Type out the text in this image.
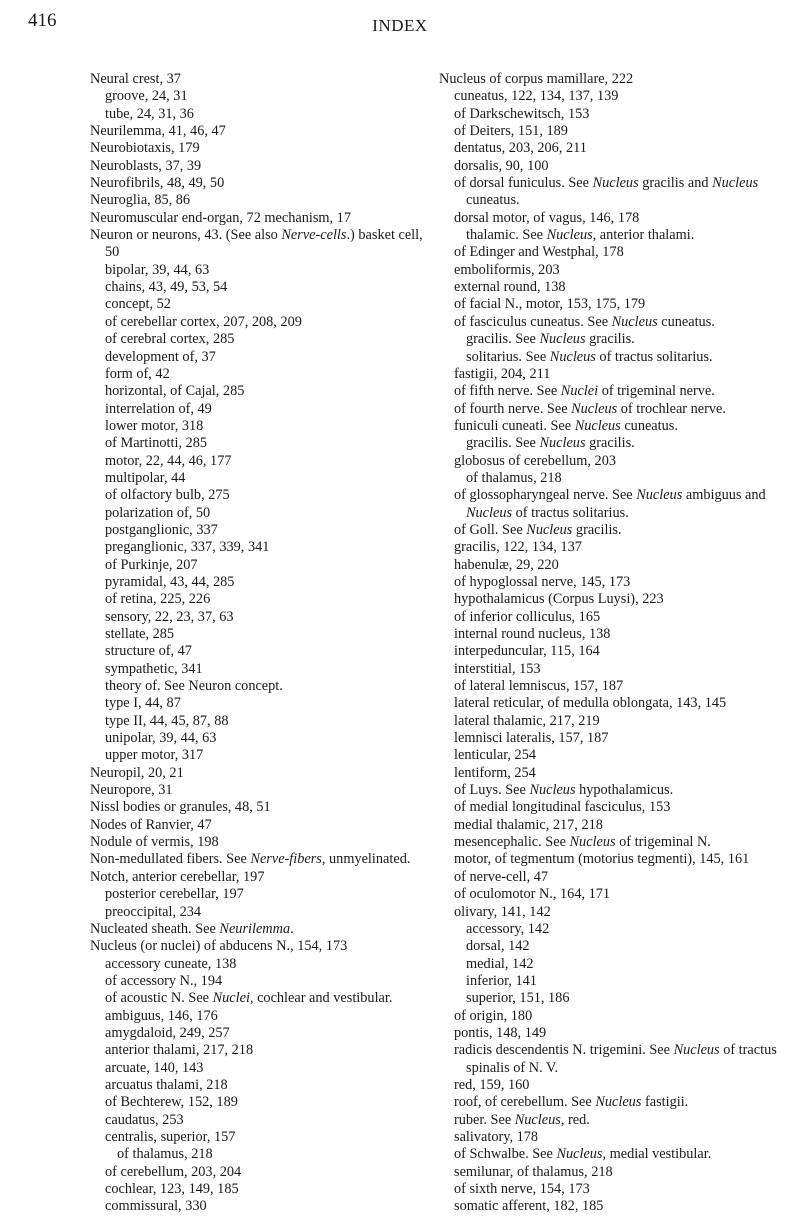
416	INDEX
Neural crest, 37
groove, 24, 31
tube, 24, 31, 36
Neurilemma, 41, 46, 47
Neurobiotaxis, 179
Neuroblasts, 37, 39
Neurofibrils, 48, 49, 50
Neuroglia, 85, 86
Neuromuscular end-organ, 72 mechanism, 17
Neuron or neurons, 43. (See also Nerve-cells.) basket cell, 50
bipolar, 39, 44, 63
chains, 43, 49, 53, 54
concept, 52
of cerebellar cortex, 207, 208, 209
of cerebral cortex, 285
development of, 37
form of, 42
horizontal, of Cajal, 285
interrelation of, 49
lower motor, 318
of Martinotti, 285
motor, 22, 44, 46, 177
multipolar, 44
of olfactory bulb, 275
polarization of, 50
postganglionic, 337
preganglionic, 337, 339, 341
of Purkinje, 207
pyramidal, 43, 44, 285
of retina, 225, 226
sensory, 22, 23, 37, 63
stellate, 285
structure of, 47
sympathetic, 341
theory of. See Neuron concept.
type I, 44, 87
type II, 44, 45, 87, 88
unipolar, 39, 44, 63
upper motor, 317
Neuropil, 20, 21
Neuropore, 31
Nissl bodies or granules, 48, 51
Nodes of Ranvier, 47
Nodule of vermis, 198
Non-medullated fibers. See Nerve-fibers, unmyelinated.
Notch, anterior cerebellar, 197
posterior cerebellar, 197
preoccipital, 234
Nucleated sheath. See Neurilemma.
Nucleus (or nuclei) of abducens N., 154, 173
accessory cuneate, 138
of accessory N., 194
of acoustic N. See Nuclei, cochlear and vestibular.
ambiguus, 146, 176
amygdaloid, 249, 257
anterior thalami, 217, 218
arcuate, 140, 143
arcuatus thalami, 218
of Bechterew, 152, 189
caudatus, 253
centralis, superior, 157
of thalamus, 218
of cerebellum, 203, 204
cochlear, 123, 149, 185
commissural, 330
Nucleus of corpus mamillare, 222
cuneatus, 122, 134, 137, 139
of Darkschewitsch, 153
of Deiters, 151, 189
dentatus, 203, 206, 211
dorsalis, 90, 100
of dorsal funiculus. See Nucleus gracilis and Nucleus cuneatus.
dorsal motor, of vagus, 146, 178
thalamic. See Nucleus, anterior thalami.
of Edinger and Westphal, 178
emboliformis, 203
external round, 138
of facial N., motor, 153, 175, 179
of fasciculus cuneatus. See Nucleus cuneatus.
gracilis. See Nucleus gracilis.
solitarius. See Nucleus of tractus solitarius.
fastigii, 204, 211
of fifth nerve. See Nuclei of trigeminal nerve.
of fourth nerve. See Nucleus of trochlear nerve.
funiculi cuneati. See Nucleus cuneatus.
gracilis. See Nucleus gracilis.
globosus of cerebellum, 203
of thalamus, 218
of glossopharyngeal nerve. See Nucleus ambiguus and Nucleus of tractus solitarius.
of Goll. See Nucleus gracilis.
gracilis, 122, 134, 137
habenulæ, 29, 220
of hypoglossal nerve, 145, 173
hypothalamicus (Corpus Luysi), 223
of inferior colliculus, 165
internal round nucleus, 138
interpeduncular, 115, 164
interstitial, 153
of lateral lemniscus, 157, 187
lateral reticular, of medulla oblongata, 143, 145
lateral thalamic, 217, 219
lemnisci lateralis, 157, 187
lenticular, 254
lentiform, 254
of Luys. See Nucleus hypothalamicus.
of medial longitudinal fasciculus, 153
medial thalamic, 217, 218
mesencephalic. See Nucleus of trigeminal N.
motor, of tegmentum (motorius tegmenti), 145, 161
of nerve-cell, 47
of oculomotor N., 164, 171
olivary, 141, 142
accessory, 142
dorsal, 142
medial, 142
inferior, 141
superior, 151, 186
of origin, 180
pontis, 148, 149
radicis descendentis N. trigemini. See Nucleus of tractus spinalis of N. V.
red, 159, 160
roof, of cerebellum. See Nucleus fastigii.
ruber. See Nucleus, red.
salivatory, 178
of Schwalbe. See Nucleus, medial vestibular.
semilunar, of thalamus, 218
of sixth nerve, 154, 173
somatic afferent, 182, 185
